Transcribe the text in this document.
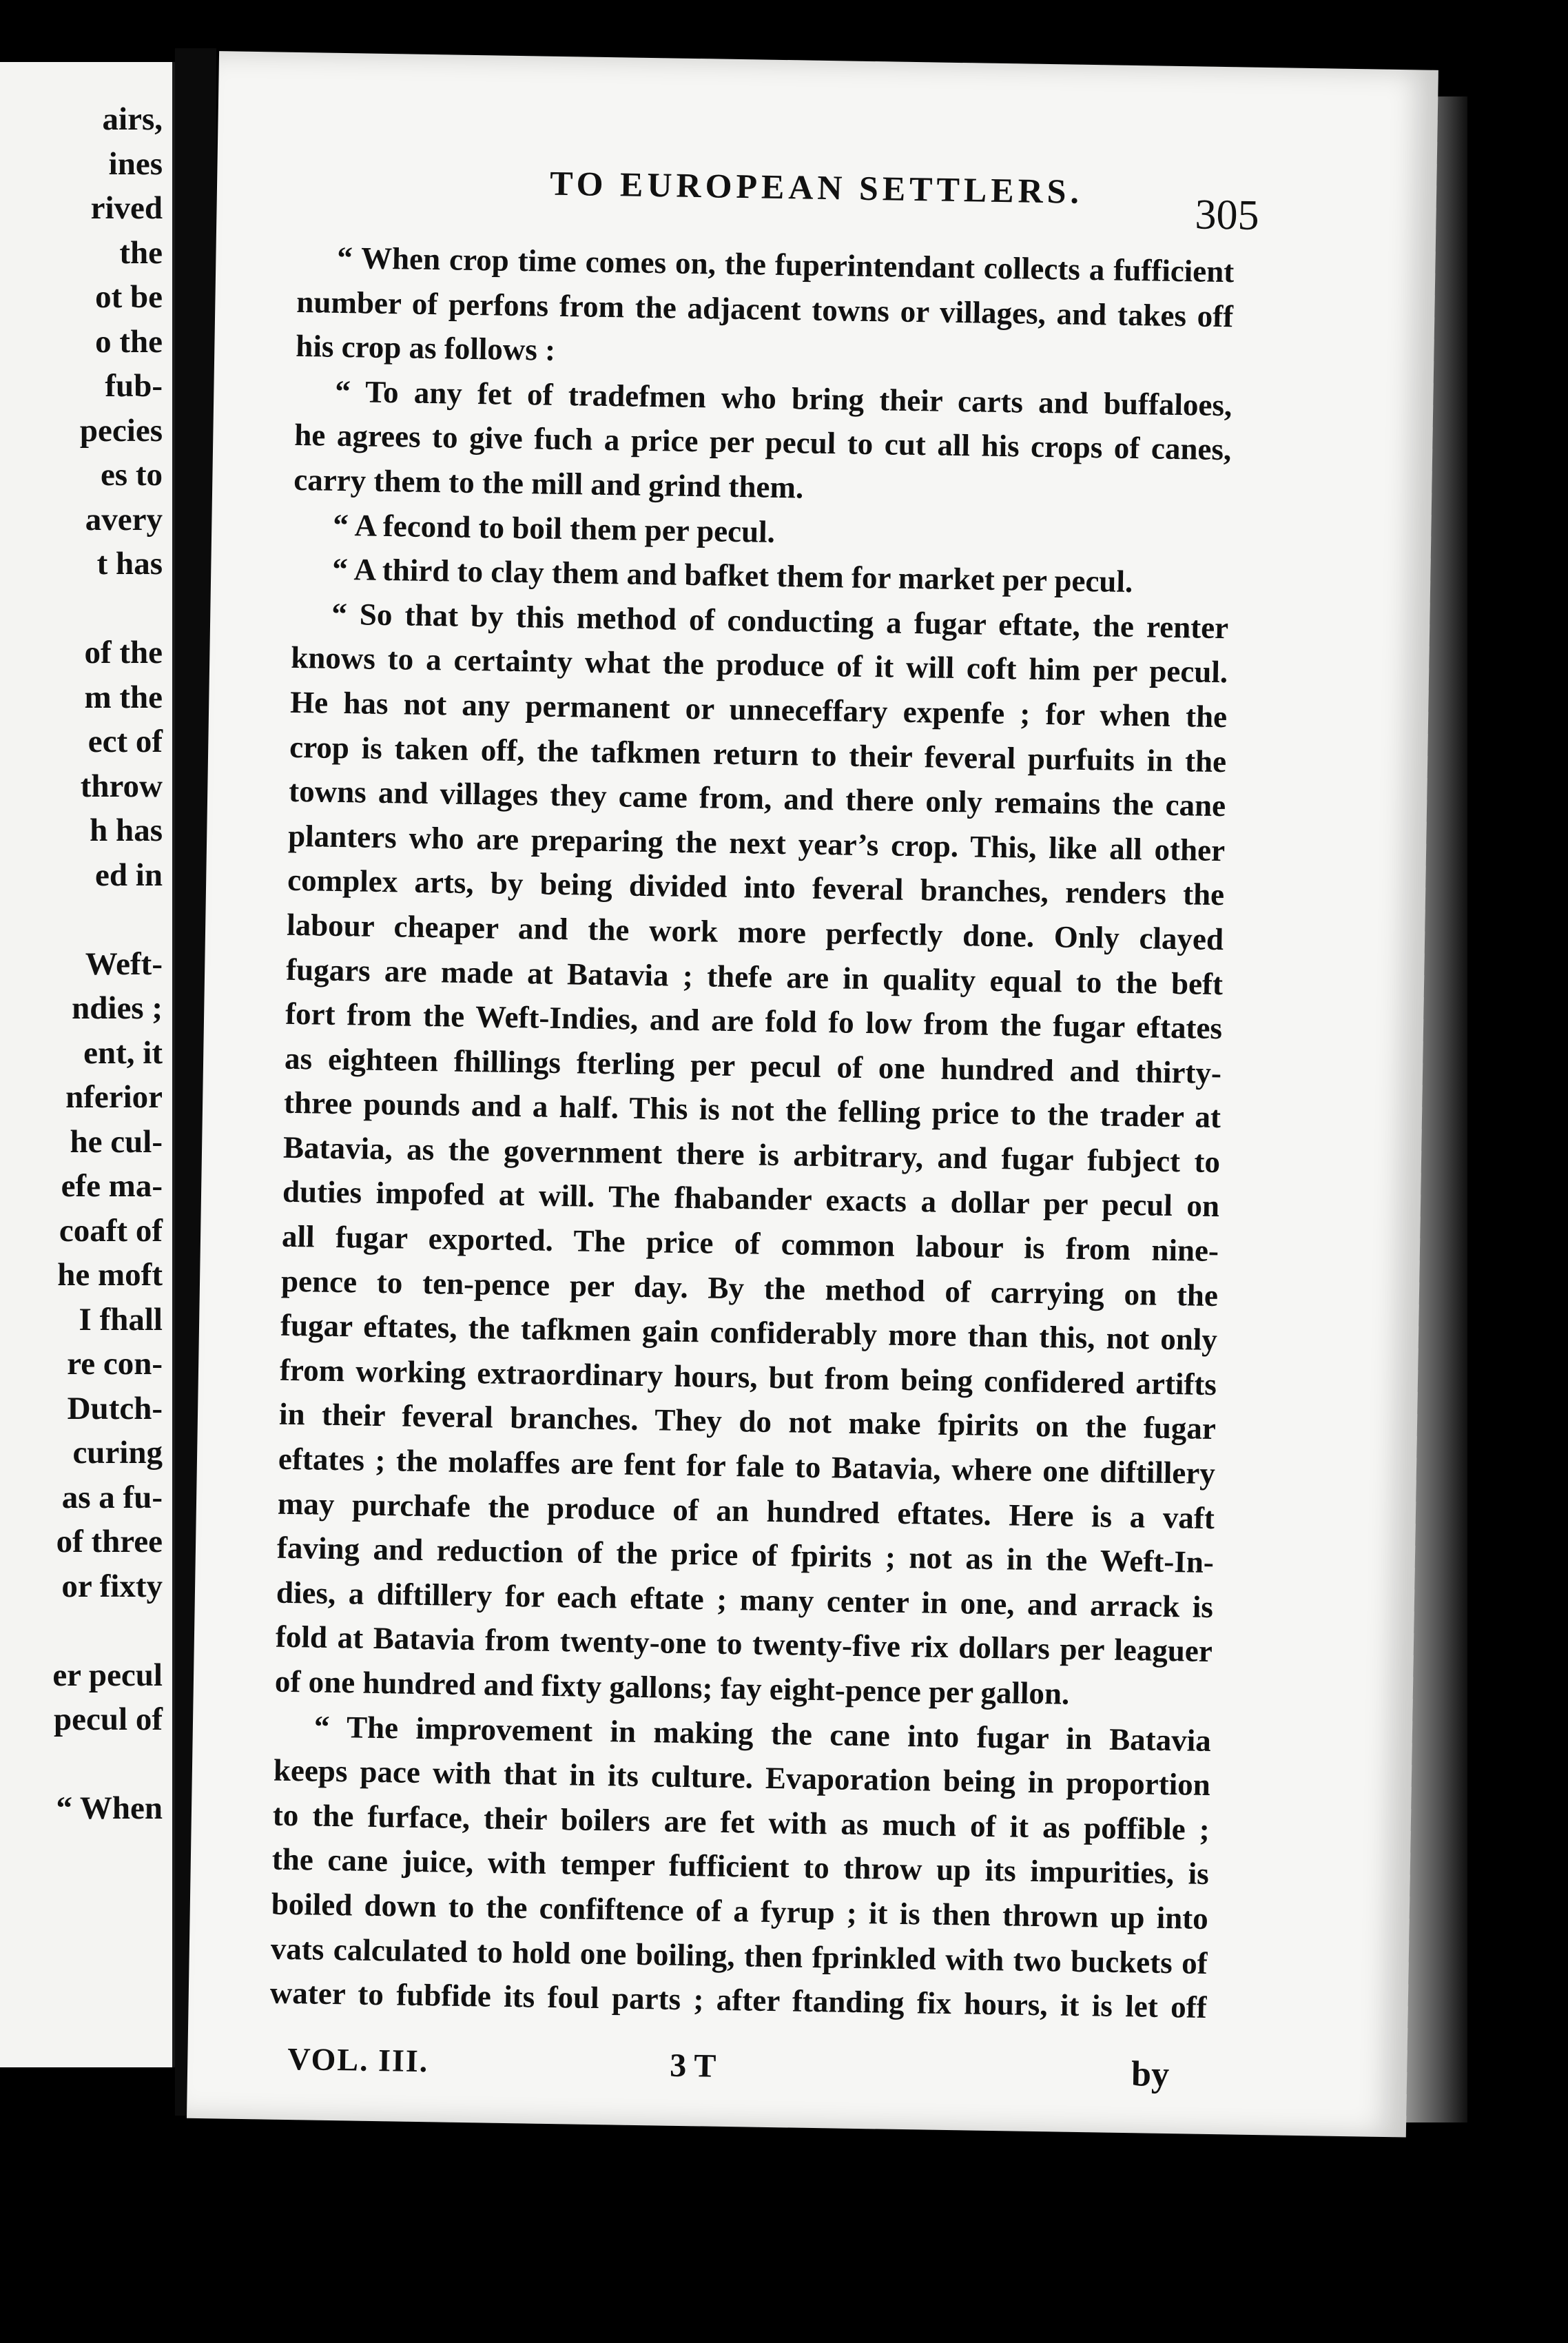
airs,
ines
rived
the
ot be
o the
fub-
pecies
es to
avery
t has
of the
m the
ect of
throw
h has
ed in
Weft-
ndies ;
ent, it
nferior
he cul-
efe ma-
coaft of
he moft
I fhall
re con-
Dutch-
curing
as a fu-
of three
or fixty
er pecul
pecul of
“ When
TO EUROPEAN SETTLERS.
305
“ When crop time comes on, the fuperintendant collects a fufficient
number of perfons from the adjacent towns or villages, and takes off
his crop as follows :
“ To any fet of tradefmen who bring their carts and buffaloes,
he agrees to give fuch a price per pecul to cut all his crops of canes,
carry them to the mill and grind them.
“ A fecond to boil them per pecul.
“ A third to clay them and bafket them for market per pecul.
“ So that by this method of conducting a fugar eftate, the renter
knows to a certainty what the produce of it will coft him per pecul.
He has not any permanent or unneceffary expenfe ; for when the
crop is taken off, the tafkmen return to their feveral purfuits in the
towns and villages they came from, and there only remains the cane
planters who are preparing the next year’s crop. This, like all other
complex arts, by being divided into feveral branches, renders the
labour cheaper and the work more perfectly done. Only clayed
fugars are made at Batavia ; thefe are in quality equal to the beft
fort from the Weft-Indies, and are fold fo low from the fugar eftates
as eighteen fhillings fterling per pecul of one hundred and thirty-
three pounds and a half. This is not the felling price to the trader at
Batavia, as the government there is arbitrary, and fugar fubject to
duties impofed at will. The fhabander exacts a dollar per pecul on
all fugar exported. The price of common labour is from nine-
pence to ten-pence per day. By the method of carrying on the
fugar eftates, the tafkmen gain confiderably more than this, not only
from working extraordinary hours, but from being confidered artifts
in their feveral branches. They do not make fpirits on the fugar
eftates ; the molaffes are fent for fale to Batavia, where one diftillery
may purchafe the produce of an hundred eftates. Here is a vaft
faving and reduction of the price of fpirits ; not as in the Weft-In-
dies, a diftillery for each eftate ; many center in one, and arrack is
fold at Batavia from twenty-one to twenty-five rix dollars per leaguer
of one hundred and fixty gallons; fay eight-pence per gallon.
“ The improvement in making the cane into fugar in Batavia
keeps pace with that in its culture. Evaporation being in proportion
to the furface, their boilers are fet with as much of it as poffible ;
the cane juice, with temper fufficient to throw up its impurities, is
boiled down to the confiftence of a fyrup ; it is then thrown up into
vats calculated to hold one boiling, then fprinkled with two buckets of
water to fubfide its foul parts ; after ftanding fix hours, it is let off
VOL. III.	3 T	by
